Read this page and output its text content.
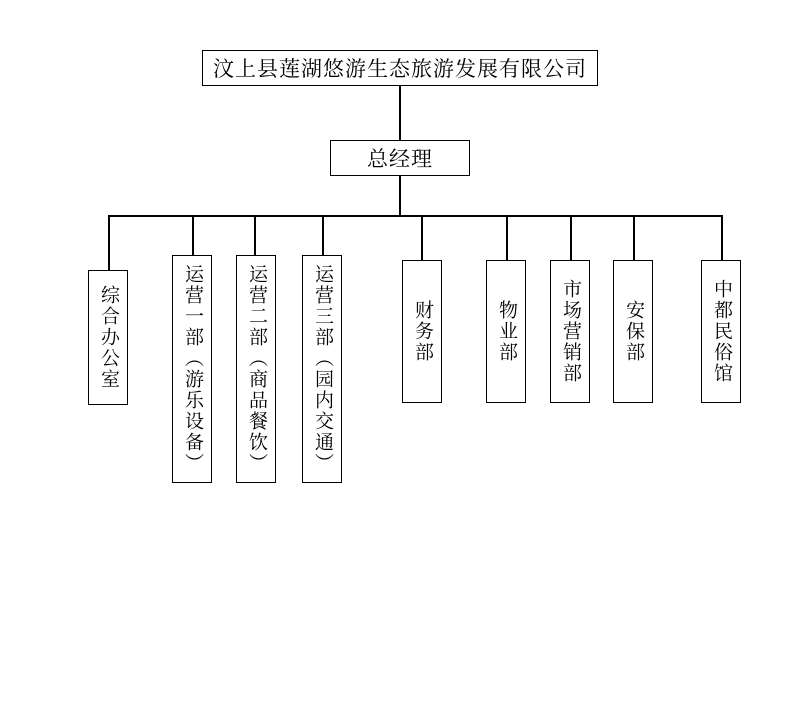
汶上县莲湖悠游生态旅游发展有限公司
总经理
综合办公室	运营一部（游乐设备）	运营二部（商品餐饮）	运营三部（园内交通）	财务部	物业部	市场营销部	安保部	中都民俗馆
